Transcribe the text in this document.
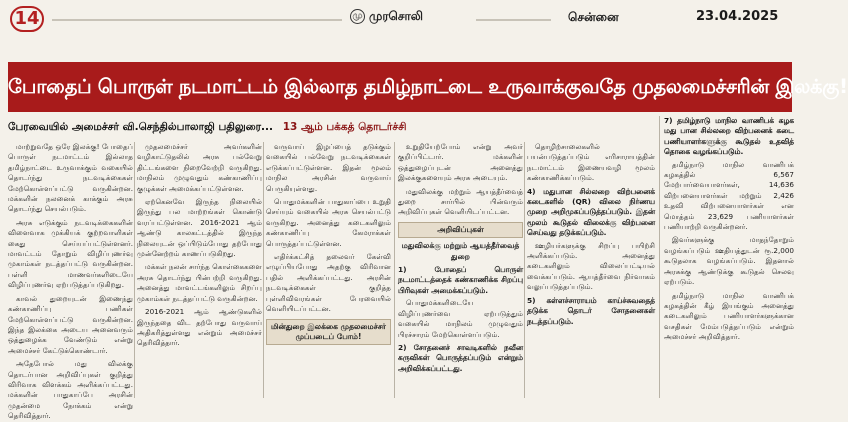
14	மு முரசொலி	சென்னை	23.04.2025
போதைப் பொருள் நடமாட்டம் இல்லாத தமிழ்நாட்டை உருவாக்குவதே முதலமைச்சரின் இலக்கு!
பேரவையில் அமைச்சர் வி.செந்தில்பாலாஜி பதிலுரை... 13 ஆம் பக்கத் தொடர்ச்சி

மாற்றுவதே ஒரே இலக்கு! போதைப் பொருள் நடமாட்டம் இல்லாத தமிழ்நாட்டை உருவாக்கும் வகையில் தொடர்ந்து நடவடிக்கைகள் மேற்கொள்ளப்பட்டு வருகின்றன. மக்களின் நலனைக் காக்கும் அரசு தொடர்ந்து செயல்படும்.

அரசு எடுக்கும் நடவடிக்கைகளின் விளைவாக முக்கியக் குற்றவாளிகள் கைது செய்யப்பட்டுள்ளனர். மாவட்டம் தோறும் விழிப்புணர்வு முகாம்கள் நடத்தப்பட்டு வருகின்றன. பள்ளி மாணவர்களிடையே விழிப்புணர்வு ஏற்படுத்தப்படுகிறது.

காவல் துறையுடன் இணைந்து கண்காணிப்பு பணிகள் மேற்கொள்ளப்பட்டு வருகின்றன. இந்த இலக்கை அடைய அனைவரும் ஒத்துழைக்க வேண்டும் என்று அமைச்சர் கேட்டுக்கொண்டார்.

அதேபோல் மது விலக்கு தொடர்பான அறிவிப்புகள் குறித்து விரிவாக விளக்கம் அளிக்கப்பட்டது. மக்களின் பாதுகாப்பே அரசின் முதன்மை நோக்கம் என்று தெரிவித்தார்.

முதலமைச்சர் அவர்களின் வழிகாட்டுதலில் அரசு பல்வேறு திட்டங்களை நிறைவேற்றி வருகிறது. மாநிலம் முழுவதும் கண்காணிப்பு குழுக்கள் அமைக்கப்பட்டுள்ளன.

ஏற்கெனவே இருந்த நிலையில் இருந்து பல மாற்றங்கள் கொண்டு வரப்பட்டுள்ளன. 2016-2021 ஆம் ஆண்டு காலகட்டத்தில் இருந்த நிலையுடன் ஒப்பிடும்போது தற்போது முன்னேற்றம் காணப்படுகிறது.

மக்கள் நலன் சார்ந்த கொள்கைகளை அரசு தொடர்ந்து பின்பற்றி வருகிறது. அனைத்து மாவட்டங்களிலும் சிறப்பு முகாம்கள் நடத்தப்பட்டு வருகின்றன.

2016-2021 ஆம் ஆண்டுகளில் இருந்ததை விட தற்போது வருவாய் அதிகரித்துள்ளது என்றும் அமைச்சர் தெரிவித்தார்.

வருவாய் இழப்பைத் தடுக்கும் வகையில் பல்வேறு நடவடிக்கைகள் எடுக்கப்பட்டுள்ளன. இதன் மூலம் மாநில அரசின் வருவாய் பெருகியுள்ளது.

பொதுமக்களின் பாதுகாப்பை உறுதி செய்யும் வகையில் அரசு செயல்பட்டு வருகிறது. அனைத்து கடைகளிலும் கண்காணிப்பு கேமராக்கள் பொருத்தப்பட்டுள்ளன.

எதிர்க்கட்சித் தலைவர் கேள்வி எழுப்பியபோது அதற்கு விரிவான பதில் அளிக்கப்பட்டது. அரசின் நடவடிக்கைகள் குறித்த புள்ளிவிவரங்கள் பேரவையில் வெளியிடப்பட்டன.

மின்துறை இலக்கை முதலமைச்சர் முப்படைப் போம்!

உறுதியேற்போம் என்று அவர் குறிப்பிட்டார். மக்களின் ஒத்துழைப்புடன் அனைத்து இலக்குகளையும் அரசு அடையும்.

மதுவிலக்கு மற்றும் ஆயத்தீர்வைத் துறை சார்பில் பின்வரும் அறிவிப்புகள் வெளியிடப்பட்டன.

அறிவிப்புகள்
மதுவிலக்கு மற்றும் ஆயத்தீர்வைத் துறை

1) போதைப் பொருள் நடமாட்டத்தைக் கண்காணிக்க சிறப்பு பிரிவுகள் அமைக்கப்படும்.

பொதுமக்களிடையே விழிப்புணர்வை ஏற்படுத்தும் வகையில் மாநிலம் முழுவதும் பிரச்சாரம் மேற்கொள்ளப்படும்.

2) சோதனைச் சாவடிகளில் நவீன கருவிகள் பொருத்தப்படும் என்றும் அறிவிக்கப்பட்டது.

தொழிற்சாலைகளில் பயன்படுத்தப்படும் எரிசாராயத்தின் நடமாட்டம் இணையவழி மூலம் கண்காணிக்கப்படும்.

4) மதுபான சில்லறை விற்பனைக் கடைகளில் (QR) விலை நிர்ணய முறை அறிமுகப்படுத்தப்படும். இதன் மூலம் கூடுதல் விலைக்கு விற்பனை செய்வது தடுக்கப்படும்.

ஊழியர்களுக்கு சிறப்பு பயிற்சி அளிக்கப்படும். அனைத்து கடைகளிலும் விலைப்பட்டியல் வைக்கப்படும். ஆயத்தீர்வை நிர்வாகம் வலுப்படுத்தப்படும்.

5) கள்ளச்சாராயம் காய்ச்சுவதைத் தடுக்க தொடர் சோதனைகள் நடத்தப்படும்.

7) தமிழ்நாடு மாநில வாணிபக் கழக மது பான சில்லறை விற்பனைக் கடை பணியாளர்களுக்கு கூடுதல் உதவித் தொகை வழங்கப்படும்.

தமிழ்நாடு மாநில வாணிபக் கழகத்தில் 6,567 மேற்பார்வையாளர்கள், 14,636 விற்பனையாளர்கள் மற்றும் 2,426 உதவி விற்பனையாளர்கள் என மொத்தம் 23,629 பணியாளர்கள் பணியாற்றி வருகின்றனர்.

இவர்களுக்கு மாதந்தோறும் வழங்கப்படும் ஊதியத்துடன் ரூ.2,000 கூடுதலாக வழங்கப்படும். இதனால் அரசுக்கு ஆண்டுக்கு கூடுதல் செலவு ஏற்படும்.

தமிழ்நாடு மாநில வாணிபக் கழகத்தின் கீழ் இயங்கும் அனைத்து கடைகளிலும் பணியாளர்களுக்கான வசதிகள் மேம்படுத்தப்படும் என்றும் அமைச்சர் அறிவித்தார்.
